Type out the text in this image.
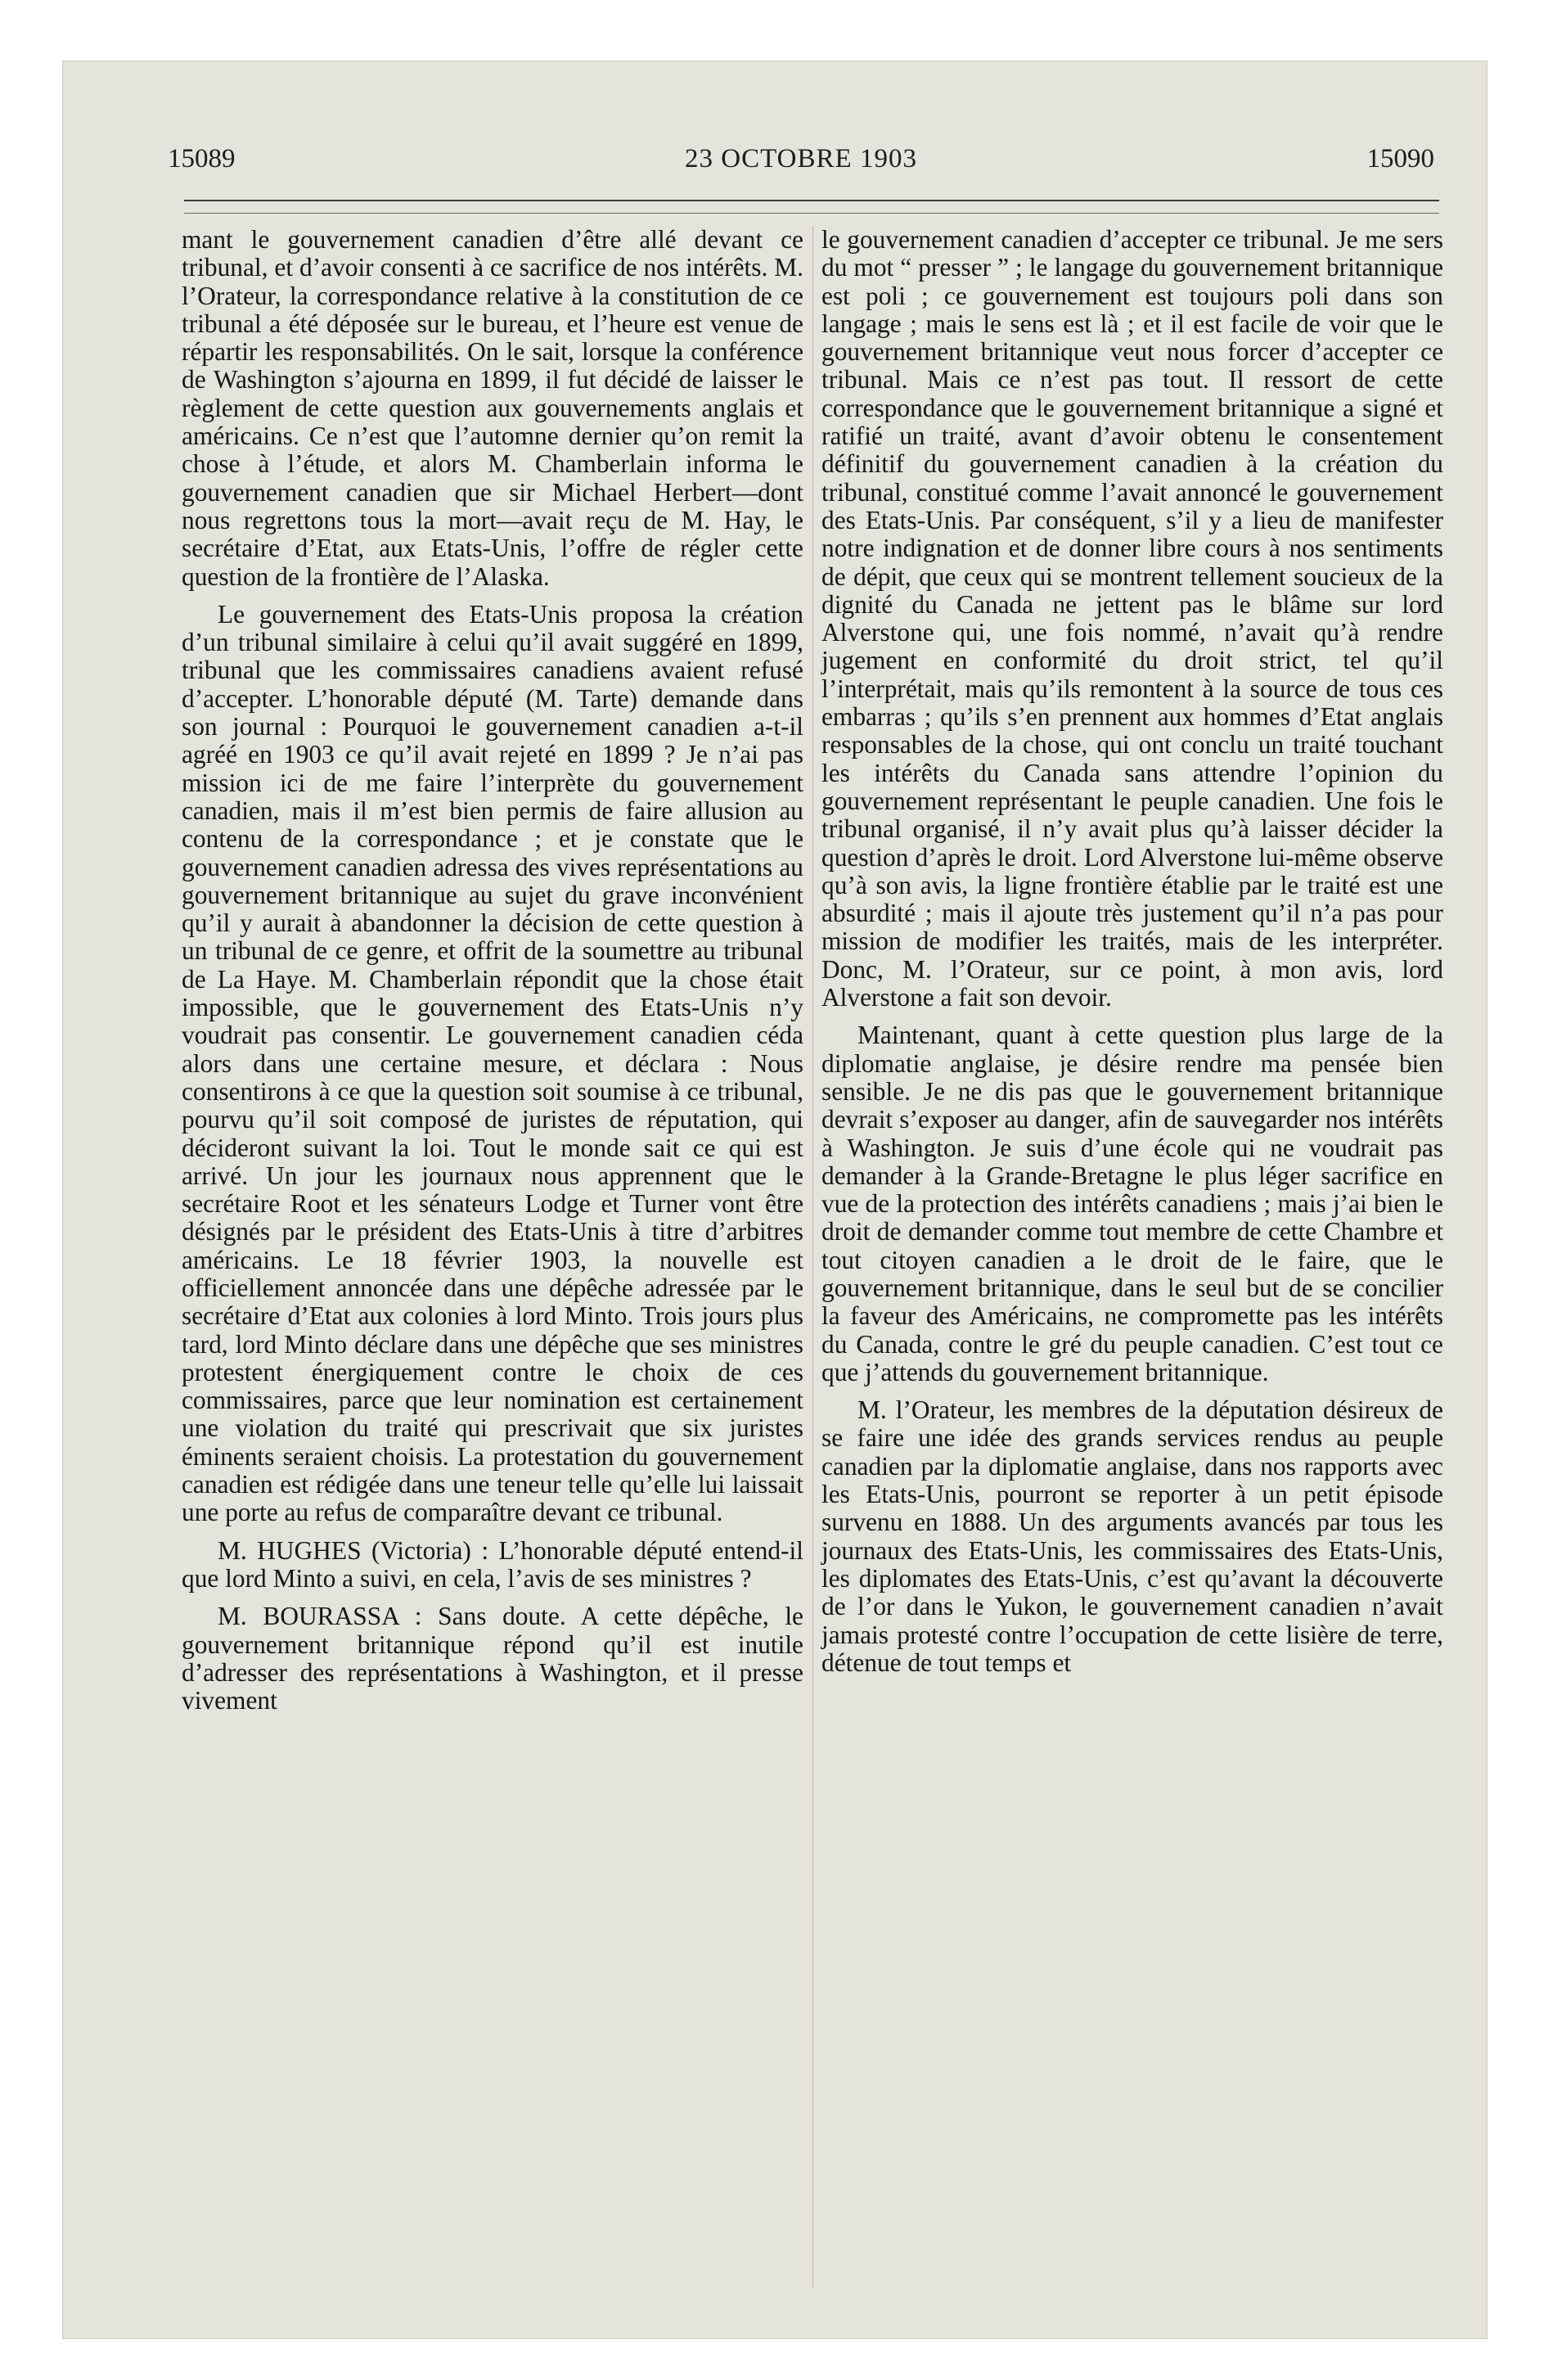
15089	23 OCTOBRE 1903	15090

mant le gouvernement canadien d’être allé devant ce tribunal, et d’avoir consenti à ce sacrifice de nos intérêts. M. l’Orateur, la correspondance relative à la constitution de ce tribunal a été déposée sur le bureau, et l’heure est venue de répartir les responsabilités. On le sait, lorsque la conférence de Washington s’ajourna en 1899, il fut décidé de laisser le règlement de cette question aux gouvernements anglais et américains. Ce n’est que l’automne dernier qu’on remit la chose à l’étude, et alors M. Chamberlain informa le gouvernement canadien que sir Michael Herbert—dont nous regrettons tous la mort—avait reçu de M. Hay, le secrétaire d’Etat, aux Etats-Unis, l’offre de régler cette question de la frontière de l’Alaska.

Le gouvernement des Etats-Unis proposa la création d’un tribunal similaire à celui qu’il avait suggéré en 1899, tribunal que les commissaires canadiens avaient refusé d’accepter. L’honorable député (M. Tarte) demande dans son journal : Pourquoi le gouvernement canadien a-t-il agréé en 1903 ce qu’il avait rejeté en 1899 ? Je n’ai pas mission ici de me faire l’interprète du gouvernement canadien, mais il m’est bien permis de faire allusion au contenu de la correspondance ; et je constate que le gouvernement canadien adressa des vives représentations au gouvernement britannique au sujet du grave inconvénient qu’il y aurait à abandonner la décision de cette question à un tribunal de ce genre, et offrit de la soumettre au tribunal de La Haye. M. Chamberlain répondit que la chose était impossible, que le gouvernement des Etats-Unis n’y voudrait pas consentir. Le gouvernement canadien céda alors dans une certaine mesure, et déclara : Nous consentirons à ce que la question soit soumise à ce tribunal, pourvu qu’il soit composé de juristes de réputation, qui décideront suivant la loi. Tout le monde sait ce qui est arrivé. Un jour les journaux nous apprennent que le secrétaire Root et les sénateurs Lodge et Turner vont être désignés par le président des Etats-Unis à titre d’arbitres américains. Le 18 février 1903, la nouvelle est officiellement annoncée dans une dépêche adressée par le secrétaire d’Etat aux colonies à lord Minto. Trois jours plus tard, lord Minto déclare dans une dépêche que ses ministres protestent énergiquement contre le choix de ces commissaires, parce que leur nomination est certainement une violation du traité qui prescrivait que six juristes éminents seraient choisis. La protestation du gouvernement canadien est rédigée dans une teneur telle qu’elle lui laissait une porte au refus de comparaître devant ce tribunal.

M. HUGHES (Victoria) : L’honorable député entend-il que lord Minto a suivi, en cela, l’avis de ses ministres ?

M. BOURASSA : Sans doute. A cette dépêche, le gouvernement britannique répond qu’il est inutile d’adresser des représentations à Washington, et il presse vivement

le gouvernement canadien d’accepter ce tribunal. Je me sers du mot “ presser ” ; le langage du gouvernement britannique est poli ; ce gouvernement est toujours poli dans son langage ; mais le sens est là ; et il est facile de voir que le gouvernement britannique veut nous forcer d’accepter ce tribunal. Mais ce n’est pas tout. Il ressort de cette correspondance que le gouvernement britannique a signé et ratifié un traité, avant d’avoir obtenu le consentement définitif du gouvernement canadien à la création du tribunal, constitué comme l’avait annoncé le gouvernement des Etats-Unis. Par conséquent, s’il y a lieu de manifester notre indignation et de donner libre cours à nos sentiments de dépit, que ceux qui se montrent tellement soucieux de la dignité du Canada ne jettent pas le blâme sur lord Alverstone qui, une fois nommé, n’avait qu’à rendre jugement en conformité du droit strict, tel qu’il l’interprétait, mais qu’ils remontent à la source de tous ces embarras ; qu’ils s’en prennent aux hommes d’Etat anglais responsables de la chose, qui ont conclu un traité touchant les intérêts du Canada sans attendre l’opinion du gouvernement représentant le peuple canadien. Une fois le tribunal organisé, il n’y avait plus qu’à laisser décider la question d’après le droit. Lord Alverstone lui-même observe qu’à son avis, la ligne frontière établie par le traité est une absurdité ; mais il ajoute très justement qu’il n’a pas pour mission de modifier les traités, mais de les interpréter. Donc, M. l’Orateur, sur ce point, à mon avis, lord Alverstone a fait son devoir.

Maintenant, quant à cette question plus large de la diplomatie anglaise, je désire rendre ma pensée bien sensible. Je ne dis pas que le gouvernement britannique devrait s’exposer au danger, afin de sauvegarder nos intérêts à Washington. Je suis d’une école qui ne voudrait pas demander à la Grande-Bretagne le plus léger sacrifice en vue de la protection des intérêts canadiens ; mais j’ai bien le droit de demander comme tout membre de cette Chambre et tout citoyen canadien a le droit de le faire, que le gouvernement britannique, dans le seul but de se concilier la faveur des Américains, ne compromette pas les intérêts du Canada, contre le gré du peuple canadien. C’est tout ce que j’attends du gouvernement britannique.

M. l’Orateur, les membres de la députation désireux de se faire une idée des grands services rendus au peuple canadien par la diplomatie anglaise, dans nos rapports avec les Etats-Unis, pourront se reporter à un petit épisode survenu en 1888. Un des arguments avancés par tous les journaux des Etats-Unis, les commissaires des Etats-Unis, les diplomates des Etats-Unis, c’est qu’avant la découverte de l’or dans le Yukon, le gouvernement canadien n’avait jamais protesté contre l’occupation de cette lisière de terre, détenue de tout temps et
